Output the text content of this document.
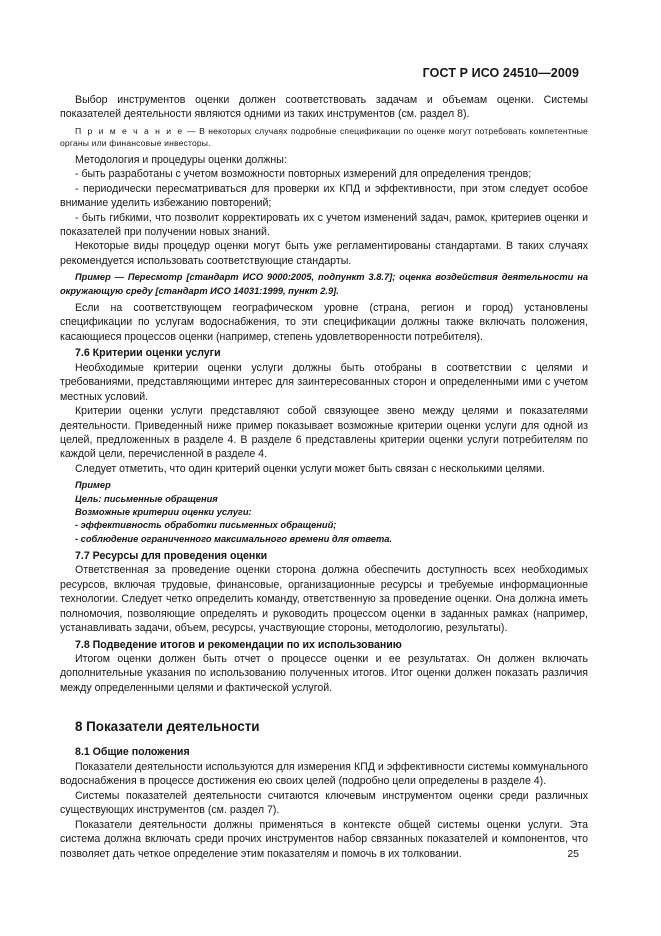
ГОСТ Р ИСО 24510—2009

Выбор инструментов оценки должен соответствовать задачам и объемам оценки. Системы показателей деятельности являются одними из таких инструментов (см. раздел 8).

П р и м е ч а н и е — В некоторых случаях подробные спецификации по оценке могут потребовать компетентные органы или финансовые инвесторы.

Методология и процедуры оценки должны:

- быть разработаны с учетом возможности повторных измерений для определения трендов;

- периодически пересматриваться для проверки их КПД и эффективности, при этом следует особое внимание уделить избежанию повторений;

- быть гибкими, что позволит корректировать их с учетом изменений задач, рамок, критериев оценки и показателей при получении новых знаний.

Некоторые виды процедур оценки могут быть уже регламентированы стандартами. В таких случаях рекомендуется использовать соответствующие стандарты.

Пример — Пересмотр [стандарт ИСО 9000:2005, подпункт 3.8.7]; оценка воздействия деятельности на окружающую среду [стандарт ИСО 14031:1999, пункт 2.9].

Если на соответствующем географическом уровне (страна, регион и город) установлены спецификации по услугам водоснабжения, то эти спецификации должны также включать положения, касающиеся процессов оценки (например, степень удовлетворенности потребителя).

7.6 Критерии оценки услуги

Необходимые критерии оценки услуги должны быть отобраны в соответствии с целями и требованиями, представляющими интерес для заинтересованных сторон и определенными ими с учетом местных условий.

Критерии оценки услуги представляют собой связующее звено между целями и показателями деятельности. Приведенный ниже пример показывает возможные критерии оценки услуги для одной из целей, предложенных в разделе 4. В разделе 6 представлены критерии оценки услуги потребителям по каждой цели, перечисленной в разделе 4.

Следует отметить, что один критерий оценки услуги может быть связан с несколькими целями.

Пример

Цель: письменные обращения

Возможные критерии оценки услуги:

- эффективность обработки письменных обращений;

- соблюдение ограниченного максимального времени для ответа.

7.7 Ресурсы для проведения оценки

Ответственная за проведение оценки сторона должна обеспечить доступность всех необходимых ресурсов, включая трудовые, финансовые, организационные ресурсы и требуемые информационные технологии. Следует четко определить команду, ответственную за проведение оценки. Она должна иметь полномочия, позволяющие определять и руководить процессом оценки в заданных рамках (например, устанавливать задачи, объем, ресурсы, участвующие стороны, методологию, результаты).

7.8 Подведение итогов и рекомендации по их использованию

Итогом оценки должен быть отчет о процессе оценки и ее результатах. Он должен включать дополнительные указания по использованию полученных итогов. Итог оценки должен показать различия между определенными целями и фактической услугой.

8 Показатели деятельности

8.1 Общие положения

Показатели деятельности используются для измерения КПД и эффективности системы коммунального водоснабжения в процессе достижения ею своих целей (подробно цели определены в разделе 4).

Системы показателей деятельности считаются ключевым инструментом оценки среди различных существующих инструментов (см. раздел 7).

Показатели деятельности должны применяться в контексте общей системы оценки услуги. Эта система должна включать среди прочих инструментов набор связанных показателей и компонентов, что позволяет дать четкое определение этим показателям и помочь в их толковании.	25
